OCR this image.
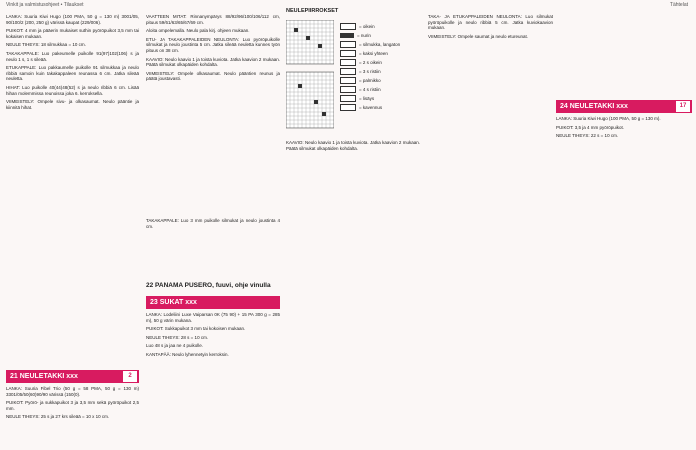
Vinkit ja valmistusohjeet • Tilaukset	Tähtelat

LANKA: Suuria Kiwi Hugo (100 PMA, 50 g = 130 m) 3001/05, 90/100/2 (200, 250 g) värissä kaupat (229/006).

PUIKOT: 4 mm ja pääerin mukaiset suthin pyöröpuikot 3,5 mm tai kokaisen mukaan.

NEULE TIHEYS: 18 silmukkaa = 10 cm.

TAKAKAPPALE: Luo pakeumelle puikolle 91(97)102(106) s ja neulo 1 s, 1 s sileää.

ETUKAPPALE: Luo pakkaumelle puikolle 91 silmukkaa ja neulo ribbiä samoin kuin takakappaleen reunassa 6 cm. Jatka sileää neuletta.

HIHAT: Luo puikolle 40(44)48(52) s ja neulo ribbiä 6 cm. Lisää hihan molemmissa reunoissa joka 6. kerroksella.

VIIMEISTELY: Ompele sivu- ja olkasaumat. Neulo pääntie ja kiinnitä hihat.

21 NEULETAKKI xxx	2

LANKA: Suuria Fibel Trio (50 g = 58 PMA, 50 g = 130 m) 3301/05/50(60)90/90 värissä (150(0).

PUIKOT: Pyörö- ja sukkapuikot 3 ja 3,5 mm sekä pyöröpuikot 2,5 mm.

NEULE TIHEYS: 25 s ja 27 krs sileää = 10 x 10 cm.

VAATTEEN MITAT: Rinnanympärys 88/92/96/100/106/112 cm, pituus 59/61/63/65/67/69 cm.

Aloita ompelemalla. Neulo pala kirj. ohjeen mukaan.

ETU- JA TAKAKAPPALEIDEN NEULONTA: Luo pyöröpuikolle silmukat ja neulo joustinta 5 cm. Jatka sileää neuletta kunnes työn pituus on 38 cm.

KAAVIO: Neulo kaavio 1 ja toista kuviota. Jatka kaavion 2 mukaan. Päätä silmukat olkapäiden kohdalta.

VIIMEISTELY: Ompele olkasaumat. Neulo pääntien reunus ja päätä joustavasti.

TAKAKAPPALE: Luo 3 mm puikolle silmukat ja neulo joustinta 4 cm.

22 PANAMA PUSERO, fuuvi, ohje vinulla
23 SUKAT xxx

LANKA: Lodeliini Luxe Vaiparsan 0K (75 90) + 15 PA 300 g = 285 m), 50 g värin mukana.

PUIKOT: Sukkapuikot 3 mm tai kokoisen mukaan.

NEULE TIHEYS: 28 s = 10 cm.

Luo 48 s ja jaa ne 4 puikolle.

KANTAPÄÄ: Neulo lyhennetyin kerroksin.

NEULEPIIRROKSET
= oikein
= nurin
= silmukka, langaton
= kaksi yhteen
= 2 s oikein
= 3 s ristiin
= palmikko
= 4 s ristiin
= lisäys
= kavennus

KAAVIO: Neulo kaavio 1 ja toista kuviota. Jatka kaavion 2 mukaan. Päätä silmukat olkapäiden kohdalta.

TAKA- JA ETUKAPPALEIDEN NEULONTA: Luo silmukat pyöröpuikolle ja neulo ribbiä 5 cm. Jatka kuviokaavion mukaan.

VIIMEISTELY: Ompele saumat ja neulo etureunat.

24 NEULETAKKI xxx	17

LANKA: Suuria Kiwi Hugo (100 PMA, 50 g = 130 m).

PUIKOT: 3,5 ja 4 mm pyöröpuikot.

NEULE TIHEYS: 22 s = 10 cm.
